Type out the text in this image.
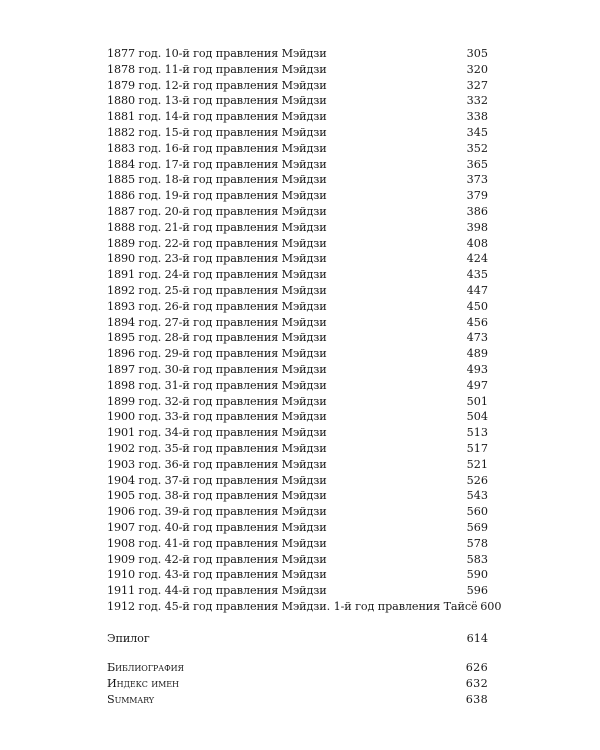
1877 год. 10-й год правления Мэйдзи	305
1878 год. 11-й год правления Мэйдзи	320
1879 год. 12-й год правления Мэйдзи	327
1880 год. 13-й год правления Мэйдзи	332
1881 год. 14-й год правления Мэйдзи	338
1882 год. 15-й год правления Мэйдзи	345
1883 год. 16-й год правления Мэйдзи	352
1884 год. 17-й год правления Мэйдзи	365
1885 год. 18-й год правления Мэйдзи	373
1886 год. 19-й год правления Мэйдзи	379
1887 год. 20-й год правления Мэйдзи	386
1888 год. 21-й год правления Мэйдзи	398
1889 год. 22-й год правления Мэйдзи	408
1890 год. 23-й год правления Мэйдзи	424
1891 год. 24-й год правления Мэйдзи	435
1892 год. 25-й год правления Мэйдзи	447
1893 год. 26-й год правления Мэйдзи	450
1894 год. 27-й год правления Мэйдзи	456
1895 год. 28-й год правления Мэйдзи	473
1896 год. 29-й год правления Мэйдзи	489
1897 год. 30-й год правления Мэйдзи	493
1898 год. 31-й год правления Мэйдзи	497
1899 год. 32-й год правления Мэйдзи	501
1900 год. 33-й год правления Мэйдзи	504
1901 год. 34-й год правления Мэйдзи	513
1902 год. 35-й год правления Мэйдзи	517
1903 год. 36-й год правления Мэйдзи	521
1904 год. 37-й год правления Мэйдзи	526
1905 год. 38-й год правления Мэйдзи	543
1906 год. 39-й год правления Мэйдзи	560
1907 год. 40-й год правления Мэйдзи	569
1908 год. 41-й год правления Мэйдзи	578
1909 год. 42-й год правления Мэйдзи	583
1910 год. 43-й год правления Мэйдзи	590
1911 год. 44-й год правления Мэйдзи	596
1912 год. 45-й год правления Мэйдзи. 1-й год правления Тайсё 600
Эпилог	614
Библиография	626
Индекс имен	632
Summary	638
